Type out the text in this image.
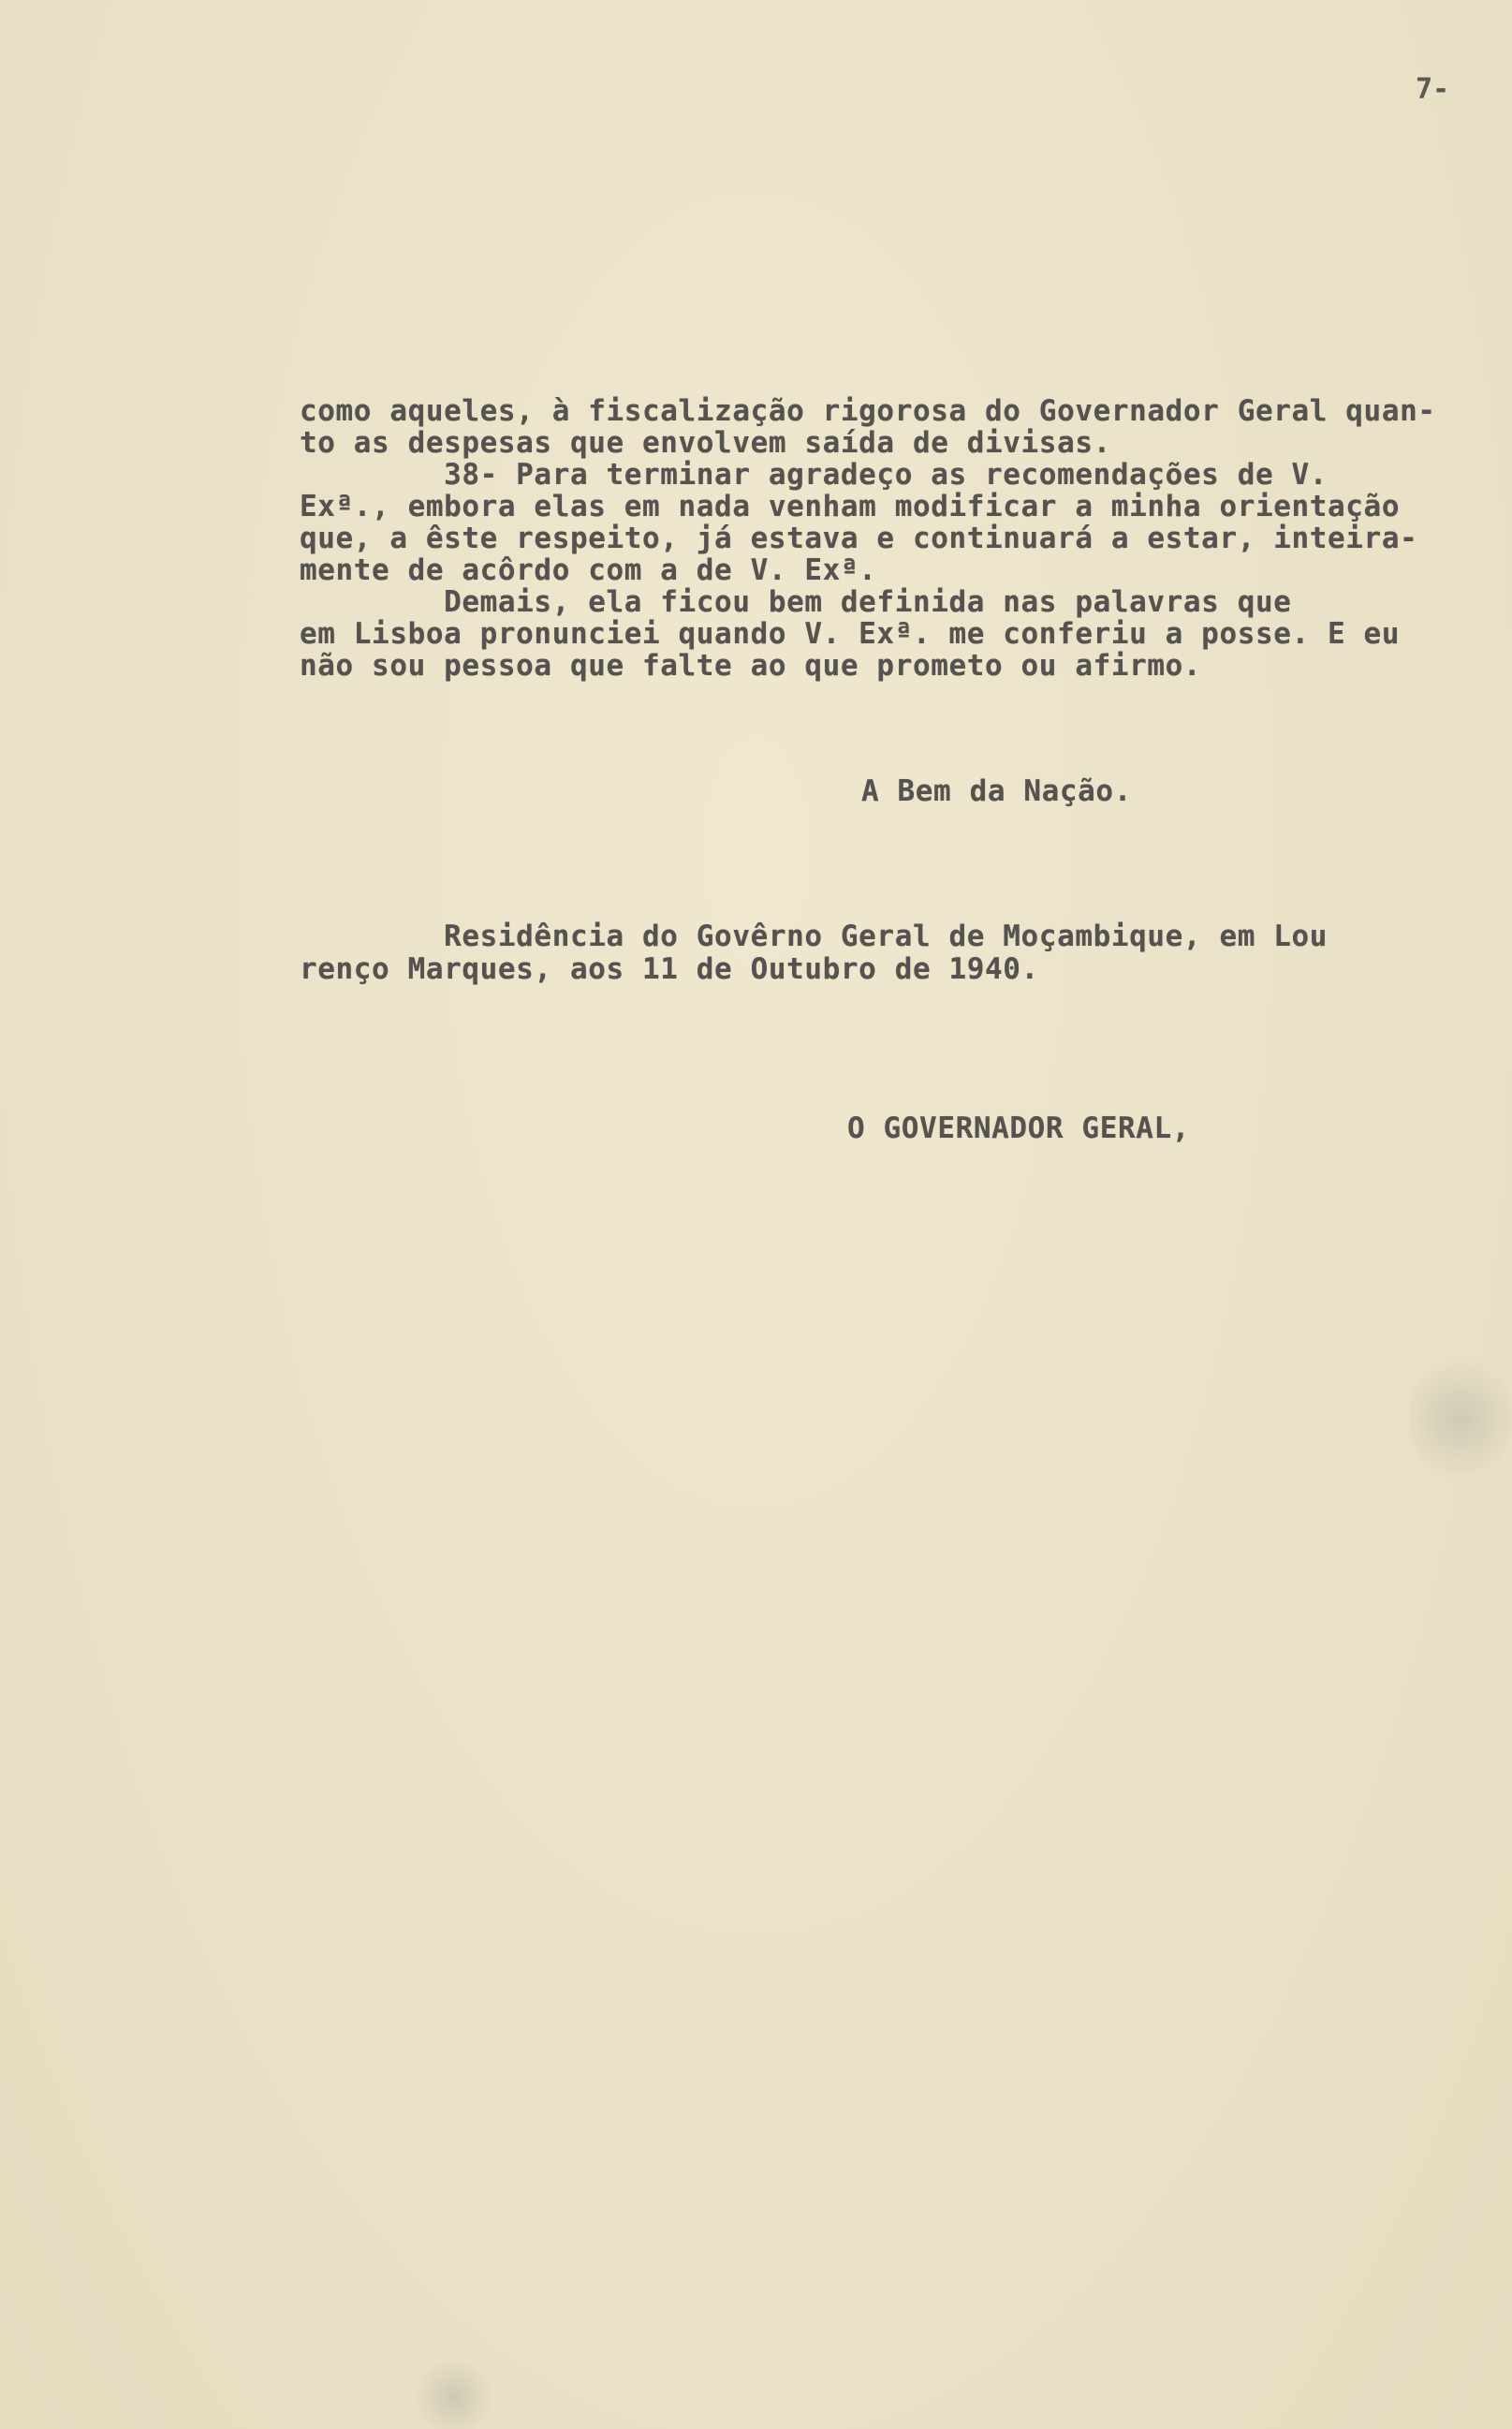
7-
como aqueles, à fiscalização rigorosa do Governador Geral quan-
to as despesas que envolvem saída de divisas.
38- Para terminar agradeço as recomendações de V.
Exª., embora elas em nada venham modificar a minha orientação
que, a êste respeito, já estava e continuará a estar, inteira-
mente de acôrdo com a de V. Exª.
Demais, ela ficou bem definida nas palavras que
em Lisboa pronunciei quando V. Exª. me conferiu a posse. E eu
não sou pessoa que falte ao que prometo ou afirmo.
A Bem da Nação.
Residência do Govêrno Geral de Moçambique, em Lou
renço Marques, aos 11 de Outubro de 1940.
O GOVERNADOR GERAL,
